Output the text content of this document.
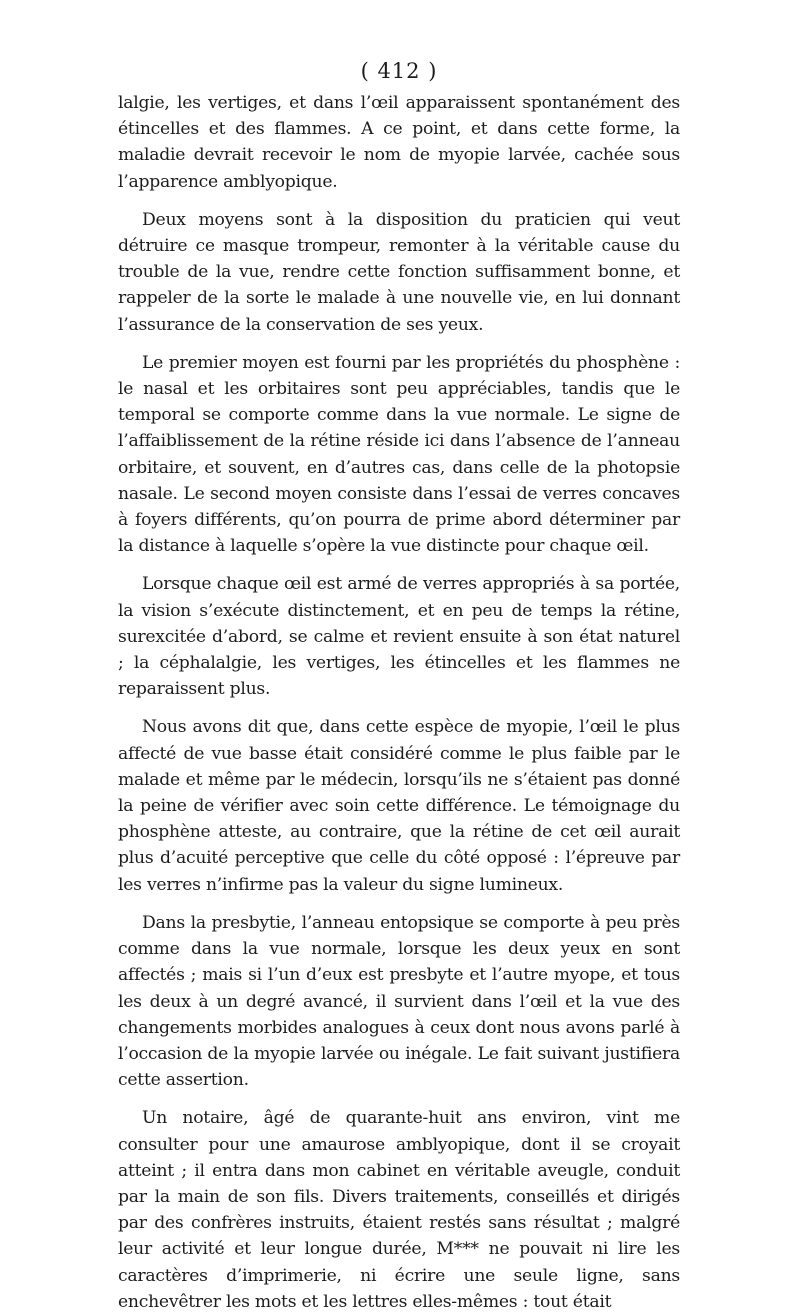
( 412 )

lalgie, les vertiges, et dans l’œil apparaissent spontanément des étincelles et des flammes. A ce point, et dans cette forme, la maladie devrait recevoir le nom de myopie larvée, cachée sous l’apparence amblyopique.

Deux moyens sont à la disposition du praticien qui veut détruire ce masque trompeur, remonter à la véritable cause du trouble de la vue, rendre cette fonction suffisamment bonne, et rappeler de la sorte le malade à une nouvelle vie, en lui donnant l’assurance de la conservation de ses yeux.

Le premier moyen est fourni par les propriétés du phosphène : le nasal et les orbitaires sont peu appréciables, tandis que le temporal se comporte comme dans la vue normale. Le signe de l’affaiblissement de la rétine réside ici dans l’absence de l’anneau orbitaire, et souvent, en d’autres cas, dans celle de la photopsie nasale. Le second moyen consiste dans l’essai de verres concaves à foyers différents, qu’on pourra de prime abord déterminer par la distance à laquelle s’opère la vue distincte pour chaque œil.

Lorsque chaque œil est armé de verres appropriés à sa portée, la vision s’exécute distinctement, et en peu de temps la rétine, surexcitée d’abord, se calme et revient ensuite à son état naturel ; la céphalalgie, les vertiges, les étincelles et les flammes ne reparaissent plus.

Nous avons dit que, dans cette espèce de myopie, l’œil le plus affecté de vue basse était considéré comme le plus faible par le malade et même par le médecin, lorsqu’ils ne s’étaient pas donné la peine de vérifier avec soin cette différence. Le témoignage du phosphène atteste, au contraire, que la rétine de cet œil aurait plus d’acuité perceptive que celle du côté opposé : l’épreuve par les verres n’infirme pas la valeur du signe lumineux.

Dans la presbytie, l’anneau entopsique se comporte à peu près comme dans la vue normale, lorsque les deux yeux en sont affectés ; mais si l’un d’eux est presbyte et l’autre myope, et tous les deux à un degré avancé, il survient dans l’œil et la vue des changements morbides analogues à ceux dont nous avons parlé à l’occasion de la myopie larvée ou inégale. Le fait suivant justifiera cette assertion.

Un notaire, âgé de quarante-huit ans environ, vint me consulter pour une amaurose amblyopique, dont il se croyait atteint ; il entra dans mon cabinet en véritable aveugle, conduit par la main de son fils. Divers traitements, conseillés et dirigés par des confrères instruits, étaient restés sans résultat ; malgré leur activité et leur longue durée, M*** ne pouvait ni lire les caractères d’imprimerie, ni écrire une seule ligne, sans enchevêtrer les mots et les lettres elles-mêmes : tout était
